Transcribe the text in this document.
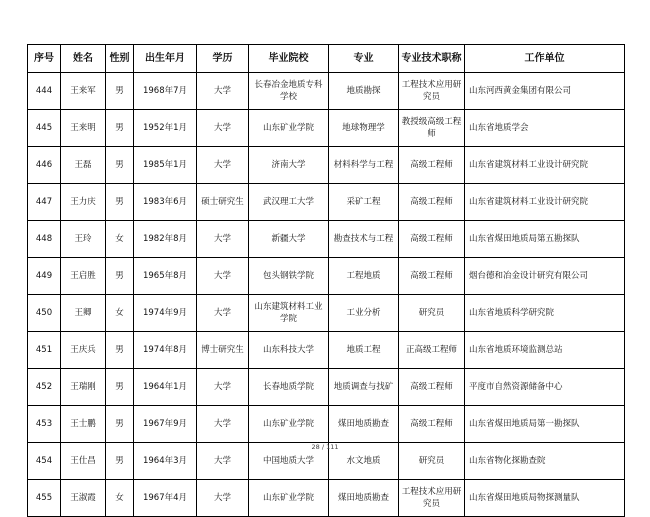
序号	姓名	性别	出生年月	学历	毕业院校	专业	专业技术职称	工作单位
444	王来军	男	1968年7月	大学	长春冶金地质专科学校	地质勘探	工程技术应用研究员	山东河西黄金集团有限公司
445	王来明	男	1952年1月	大学	山东矿业学院	地球物理学	教授级高级工程师	山东省地质学会
446	王磊	男	1985年1月	大学	济南大学	材料科学与工程	高级工程师	山东省建筑材料工业设计研究院
447	王力庆	男	1983年6月	硕士研究生	武汉理工大学	采矿工程	高级工程师	山东省建筑材料工业设计研究院
448	王玲	女	1982年8月	大学	新疆大学	勘查技术与工程	高级工程师	山东省煤田地质局第五勘探队
449	王启胜	男	1965年8月	大学	包头钢铁学院	工程地质	高级工程师	烟台德和冶金设计研究有限公司
450	王卿	女	1974年9月	大学	山东建筑材料工业学院	工业分析	研究员	山东省地质科学研究院
451	王庆兵	男	1974年8月	博士研究生	山东科技大学	地质工程	正高级工程师	山东省地质环境监测总站
452	王瑞刚	男	1964年1月	大学	长春地质学院	地质调查与找矿	高级工程师	平度市自然资源储备中心
453	王士鹏	男	1967年9月	大学	山东矿业学院	煤田地质勘查	高级工程师	山东省煤田地质局第一勘探队
454	王仕昌	男	1964年3月	大学	中国地质大学	水文地质	研究员	山东省物化探勘查院
455	王淑霞	女	1967年4月	大学	山东矿业学院	煤田地质勘查	工程技术应用研究员	山东省煤田地质局物探测量队
28 / 111
